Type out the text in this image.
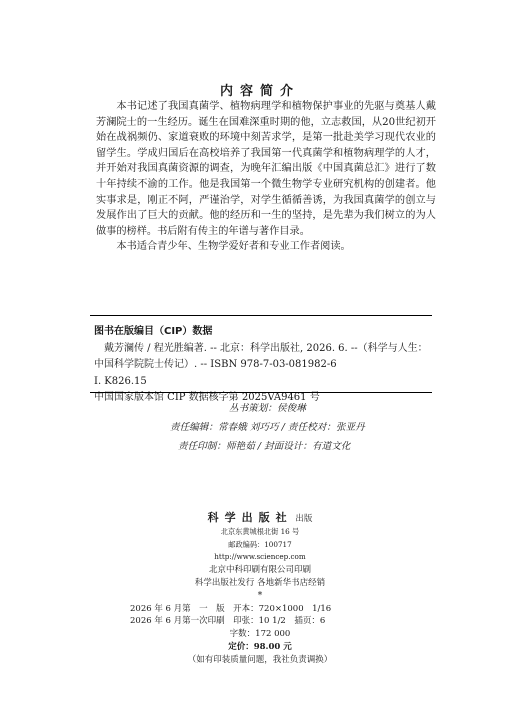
内容简介

本书记述了我国真菌学、植物病理学和植物保护事业的先驱与奠基人戴芳澜院士的一生经历。诞生在国难深重时期的他，立志救国，从20世纪初开始在战祸频仍、家道衰败的环境中刻苦求学，是第一批赴美学习现代农业的留学生。学成归国后在高校培养了我国第一代真菌学和植物病理学的人才，并开始对我国真菌资源的调查，为晚年汇编出版《中国真菌总汇》进行了数十年持续不渝的工作。他是我国第一个微生物学专业研究机构的创建者。他实事求是，刚正不阿，严谨治学，对学生循循善诱，为我国真菌学的创立与发展作出了巨大的贡献。他的经历和一生的坚持，是先辈为我们树立的为人做事的榜样。书后附有传主的年谱与著作目录。

本书适合青少年、生物学爱好者和专业工作者阅读。

图书在版编目（CIP）数据

戴芳澜传 / 程光胜编著. -- 北京：科学出版社, 2026. 6. --（科学与人生：中国科学院院士传记）. -- ISBN 978-7-03-081982-6

Ⅰ. K826.15

中国国家版本馆 CIP 数据核字第 2025VA9461 号

丛书策划：侯俊琳
责任编辑：常春娥 刘巧巧 / 责任校对：张亚丹
责任印制：师艳茹 / 封面设计：有道文化
科学出版社 出版
北京东黄城根北街 16 号
邮政编码：100717
http://www.sciencep.com
北京中科印刷有限公司印刷
科学出版社发行 各地新华书店经销
*
2026 年 6 月第　一　版　开本：720×1000　1/16
2026 年 6 月第一次印刷　印张：10 1/2　插页：6
字数：172 000
定价：98.00 元
（如有印装质量问题，我社负责调换）
